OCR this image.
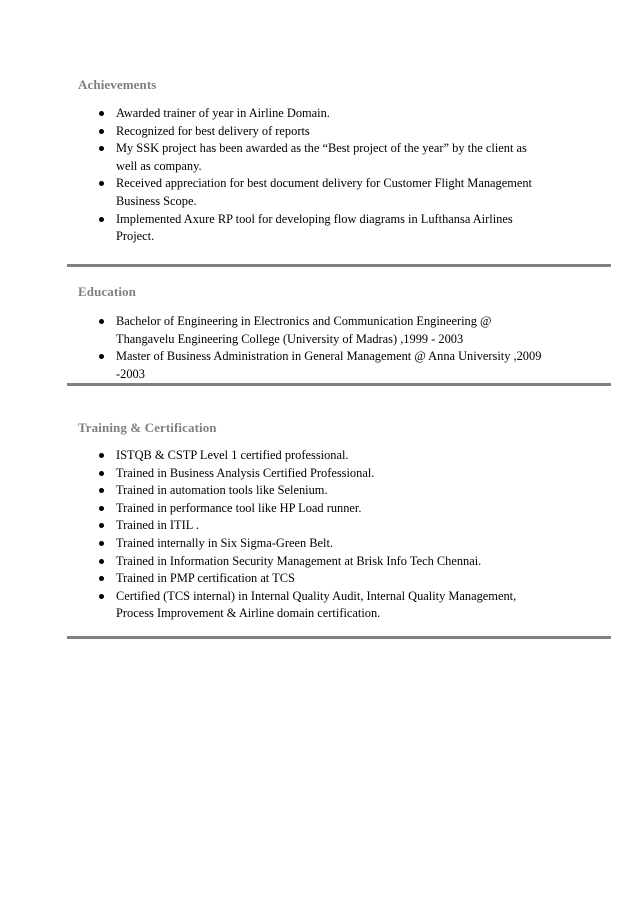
Achievements
Awarded trainer of year in Airline Domain.
Recognized for best delivery of reports
My SSK project has been awarded as the “Best project of the year” by the client as
well as company.
Received appreciation for best document delivery for Customer Flight Management
Business Scope.
Implemented Axure RP tool for developing flow diagrams in Lufthansa Airlines
Project.
Education
Bachelor of Engineering in Electronics and Communication Engineering @
Thangavelu Engineering College (University of Madras) ,1999 - 2003
Master of Business Administration in General Management @ Anna University ,2009
-2003
Training & Certification
ISTQB & CSTP Level 1 certified professional.
Trained in Business Analysis Certified Professional.
Trained in automation tools like Selenium.
Trained in performance tool like HP Load runner.
Trained in ITIL .
Trained internally in Six Sigma-Green Belt.
Trained in Information Security Management at Brisk Info Tech Chennai.
Trained in PMP certification at TCS
Certified (TCS internal) in Internal Quality Audit, Internal Quality Management,
Process Improvement & Airline domain certification.
